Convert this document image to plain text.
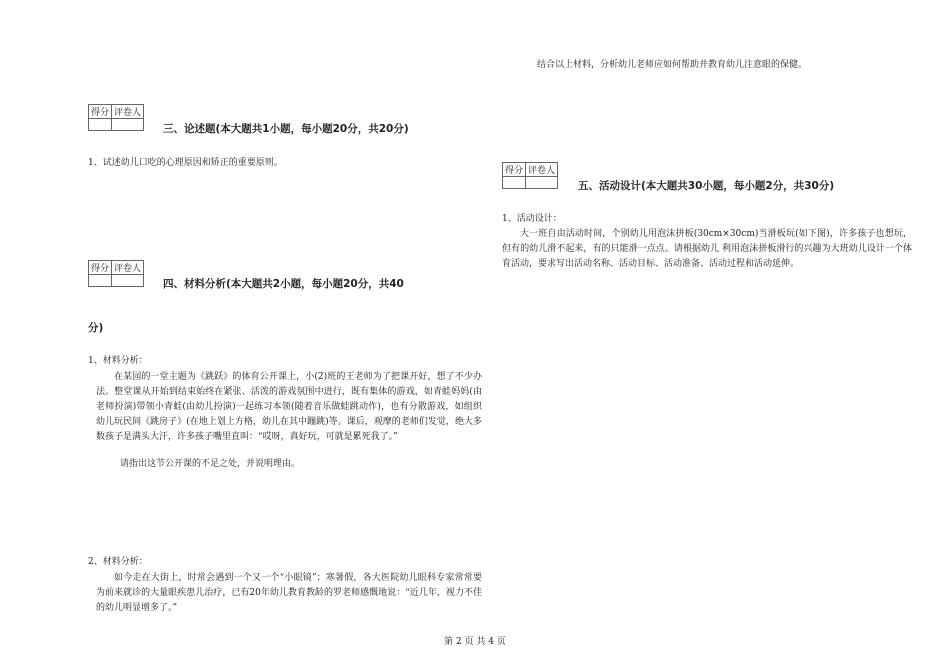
结合以上材料，分析幼儿老师应如何帮助并教育幼儿注意眼的保健。
得分	评卷人

三、论述题(本大题共1小题，每小题20分，共20分)
1、试述幼儿口吃的心理原因和矫正的重要原则。
得分	评卷人

四、材料分析(本大题共2小题，每小题20分，共40
分)
1、材料分析：
在某园的一堂主题为《跳跃》的体育公开课上，小(2)班的王老师为了把课开好，想了不少办法。整堂课从开始到结束始终在紧张、活泼的游戏氛围中进行，既有集体的游戏，如青蛙妈妈(由老师扮演)带领小青蛙(由幼儿扮演)一起练习本领(随着音乐做蛙跳动作)，也有分散游戏，如组织幼儿玩民间《跳房子》(在地上划上方格，幼儿在其中蹦跳)等。课后，观摩的老师们发觉，绝大多数孩子是满头大汗，许多孩子嘴里直叫：“哎呀，真好玩，可就是累死我了。”
请指出这节公开课的不足之处，并说明理由。
2、材料分析：
如今走在大街上，时常会遇到一个又一个“小眼镜”；寒暑假，各大医院幼儿眼科专家常常要为前来就诊的大量眼疾患儿治疗，已有20年幼儿教育教龄的罗老师感慨地说：“近几年，视力不佳的幼儿明显增多了。”
得分	评卷人

五、活动设计(本大题共30小题，每小题2分，共30分)
1、活动设计：
大一班自由活动时间，个别幼儿用泡沫拼板(30cm×30cm)当滑板玩(如下图)，许多孩子也想玩，但有的幼儿滑不起来，有的只能滑一点点。请根据幼儿 利用泡沫拼板滑行的兴趣为大班幼儿设计一个体育活动，要求写出活动名称、活动目标、活动准备、活动过程和活动延伸。
第 2 页 共 4 页
